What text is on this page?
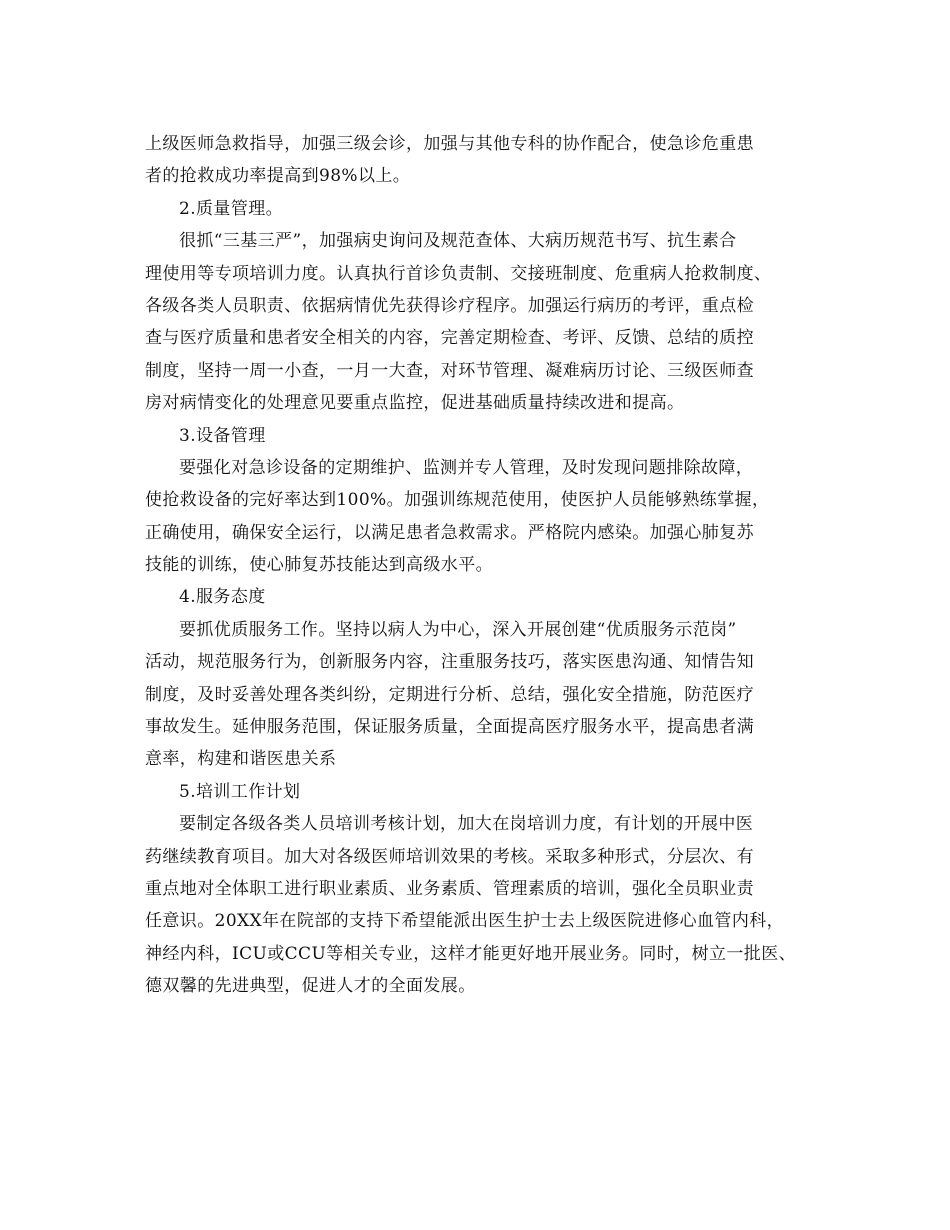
上级医师急救指导，加强三级会诊，加强与其他专科的协作配合，使急诊危重患
者的抢救成功率提高到98%以上。
2.质量管理。
很抓“三基三严”，加强病史询问及规范查体、大病历规范书写、抗生素合
理使用等专项培训力度。认真执行首诊负责制、交接班制度、危重病人抢救制度、
各级各类人员职责、依据病情优先获得诊疗程序。加强运行病历的考评，重点检
查与医疗质量和患者安全相关的内容，完善定期检查、考评、反馈、总结的质控
制度，坚持一周一小查，一月一大查，对环节管理、凝难病历讨论、三级医师查
房对病情变化的处理意见要重点监控，促进基础质量持续改进和提高。
3.设备管理
要强化对急诊设备的定期维护、监测并专人管理，及时发现问题排除故障，
使抢救设备的完好率达到100%。加强训练规范使用，使医护人员能够熟练掌握，
正确使用，确保安全运行，以满足患者急救需求。严格院内感染。加强心肺复苏
技能的训练，使心肺复苏技能达到高级水平。
4.服务态度
要抓优质服务工作。坚持以病人为中心，深入开展创建“优质服务示范岗”
活动，规范服务行为，创新服务内容，注重服务技巧，落实医患沟通、知情告知
制度，及时妥善处理各类纠纷，定期进行分析、总结，强化安全措施，防范医疗
事故发生。延伸服务范围，保证服务质量，全面提高医疗服务水平，提高患者满
意率，构建和谐医患关系
5.培训工作计划
要制定各级各类人员培训考核计划，加大在岗培训力度，有计划的开展中医
药继续教育项目。加大对各级医师培训效果的考核。采取多种形式，分层次、有
重点地对全体职工进行职业素质、业务素质、管理素质的培训，强化全员职业责
任意识。20XX年在院部的支持下希望能派出医生护士去上级医院进修心血管内科，
神经内科，ICU或CCU等相关专业，这样才能更好地开展业务。同时，树立一批医、
德双馨的先进典型，促进人才的全面发展。
